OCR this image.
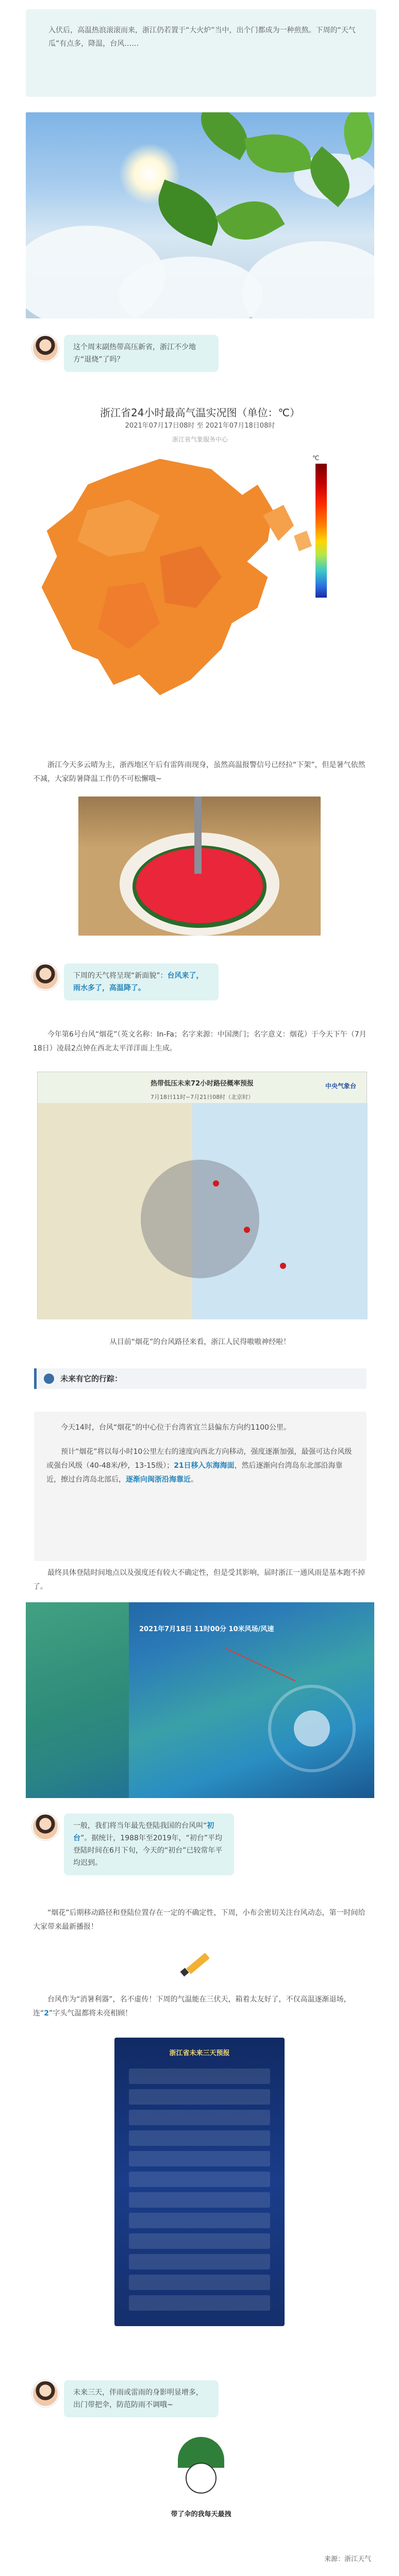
入伏后，高温热浪滚滚而来，浙江仍若置于“大火炉”当中，出个门都成为一种煎熬。下周的“天气瓜”有点多，降温，台风……

这个周末副热带高压新省，浙江不少地方“退烧”了吗？
浙江省24小时最高气温实况图（单位：℃）
2021年07月17日08时 至 2021年07月18日08时
浙江省气象服务中心
℃
浙江今天多云晴为主，浙西地区午后有雷阵雨现身，虽然高温报警信号已经拉“下架”，但是暑气依然不减，大家防暑降温工作仍不可松懈哦~
下周的天气将呈现“新面貌”：台风来了，雨水多了，高温降了。
今年第6号台风“烟花”（英文名称：In-Fa；名字来源：中国澳门；名字意义：烟花）于今天下午（7月18日）凌晨2点钟在西北太平洋洋面上生成。
热带低压未来72小时路径概率预报
7月18日11时~7月21日08时（北京时）
中央气象台
从目前“烟花”的台风路径来看，浙江人民得嗷嗷神经啦！
未来有它的行踪：

今天14时，台风“烟花”的中心位于台湾省宜兰县偏东方向约1100公里。

预计“烟花”将以每小时10公里左右的速度向西北方向移动，强度逐渐加强，最强可达台风级或强台风级（40-48米/秒，13-15级）；21日移入东海海面，然后逐渐向台湾岛东北部沿海靠近，擦过台湾岛北部后，逐渐向闽浙沿海靠近。

最终具体登陆时间地点以及强度还有较大不确定性，但是受其影响，届时浙江一通风雨是基本跑不掉了。
2021年7月18日 11时00分 10米风场/风速
一般，我们将当年最先登陆我国的台风叫“初台”。据统计，1988年至2019年，“初台”平均登陆时间在6月下旬，今天的“初台”已较常年平均迟到。
“烟花”后期移动路径和登陆位置存在一定的不确定性，下周，小布会密切关注台风动态，第一时间给大家带来最新播报！
台风作为“消暑利器”，名不虚传！下周的气温能在三伏天，箱着太友好了，不仅高温逐渐退场，连“2”字头气温都将未亮相顾！
浙江省未来三天预报
未来三天，伴雨或雷雨的身影明显增多，出门带把伞，防范防雨不调哦~
带了伞的我每天最拽
来源：浙江天气
